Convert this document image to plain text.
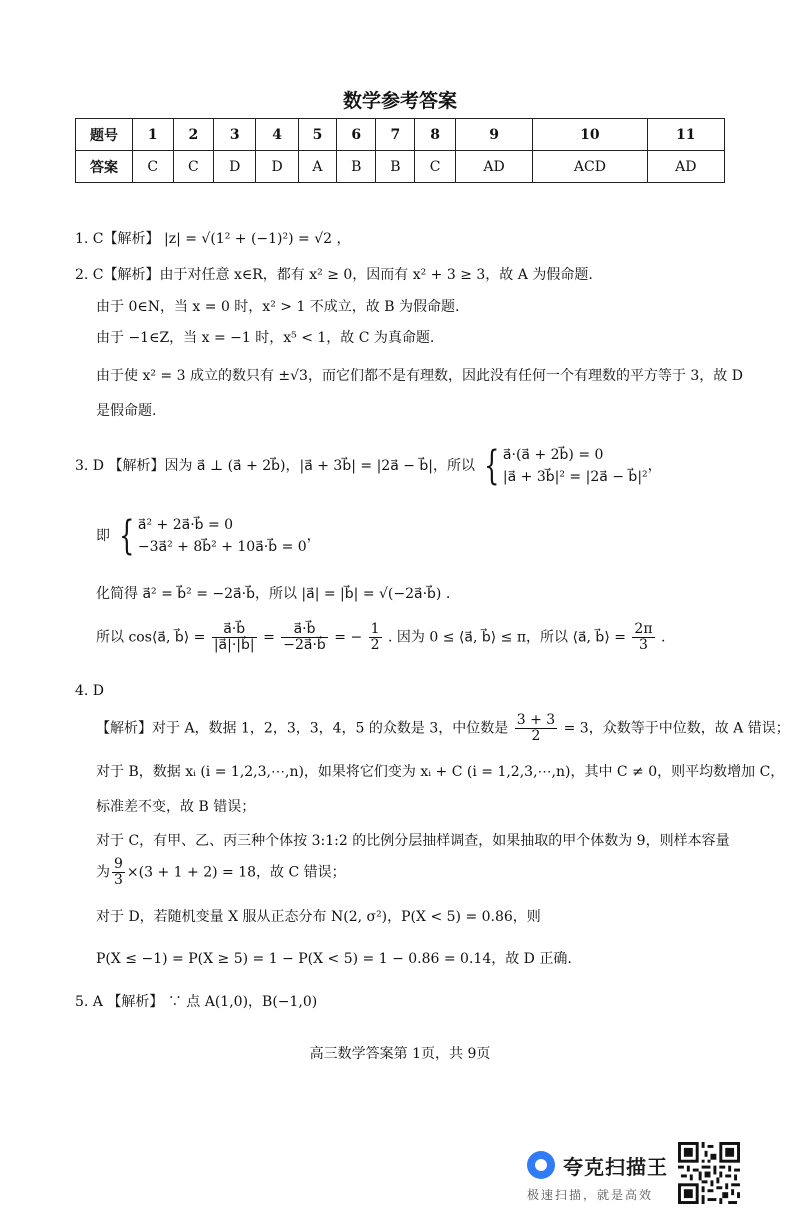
数学参考答案
题号	1	2	3	4	5	6	7	8	9	10	11
答案	C	C	D	D	A	B	B	C	AD	ACD	AD
1. C【解析】 |z| = √(1² + (−1)²) = √2 ，
2. C【解析】由于对任意 x∈R，都有 x² ≥ 0，因而有 x² + 3 ≥ 3，故 A 为假命题.
由于 0∈N，当 x = 0 时，x² > 1 不成立，故 B 为假命题.
由于 −1∈Z，当 x = −1 时，x⁵ < 1，故 C 为真命题.
由于使 x² = 3 成立的数只有 ±√3，而它们都不是有理数，因此没有任何一个有理数的平方等于 3，故 D
是假命题.
3. D 【解析】因为 a⃗ ⊥ (a⃗ + 2b⃗)，|a⃗ + 3b⃗| = |2a⃗ − b⃗|，所以 { a⃗·(a⃗ + 2b⃗) = 0
|a⃗ + 3b⃗|² = |2a⃗ − b⃗|²
，
即 { a⃗² + 2a⃗·b⃗ = 0
−3a⃗² + 8b⃗² + 10a⃗·b⃗ = 0
，
化简得 a⃗² = b⃗² = −2a⃗·b⃗，所以 |a⃗| = |b⃗| = √(−2a⃗·b⃗) .
所以 cos⟨a⃗, b⃗⟩ = $\frac{a⃗\cdot b⃗}{|a⃗|\cdot|b⃗|} = \frac{a⃗\cdot b⃗}{-2a⃗\cdot b⃗}$ = − $\frac{1}{2}$ . 因为 0 ≤ ⟨a⃗, b⃗⟩ ≤ π，所以 ⟨a⃗, b⃗⟩ = $\frac{2\pi}{3}$ .
4. D
【解析】对于 A，数据 1，2，3，3，4，5 的众数是 3，中位数是 $\frac{3 + 3}{2} = 3$，众数等于中位数，故 A 错误；
对于 B，数据 xᵢ (i = 1,2,3,⋯,n)，如果将它们变为 xᵢ + C (i = 1,2,3,⋯,n)，其中 C ≠ 0，则平均数增加 C，
标准差不变，故 B 错误；
对于 C，有甲、乙、丙三种个体按 3:1:2 的比例分层抽样调查，如果抽取的甲个体数为 9，则样本容量
为 $\frac{9}{3} \times(3 + 1 + 2) = 18$，故 C 错误；
对于 D，若随机变量 X 服从正态分布 N(2, σ²)，P(X < 5) = 0.86，则
P(X ≤ −1) = P(X ≥ 5) = 1 − P(X < 5) = 1 − 0.86 = 0.14，故 D 正确.
5. A 【解析】 ∵ 点 A(1,0)，B(−1,0)
高三数学答案第 1页，共 9页
夸克扫描王
极速扫描，就是高效
